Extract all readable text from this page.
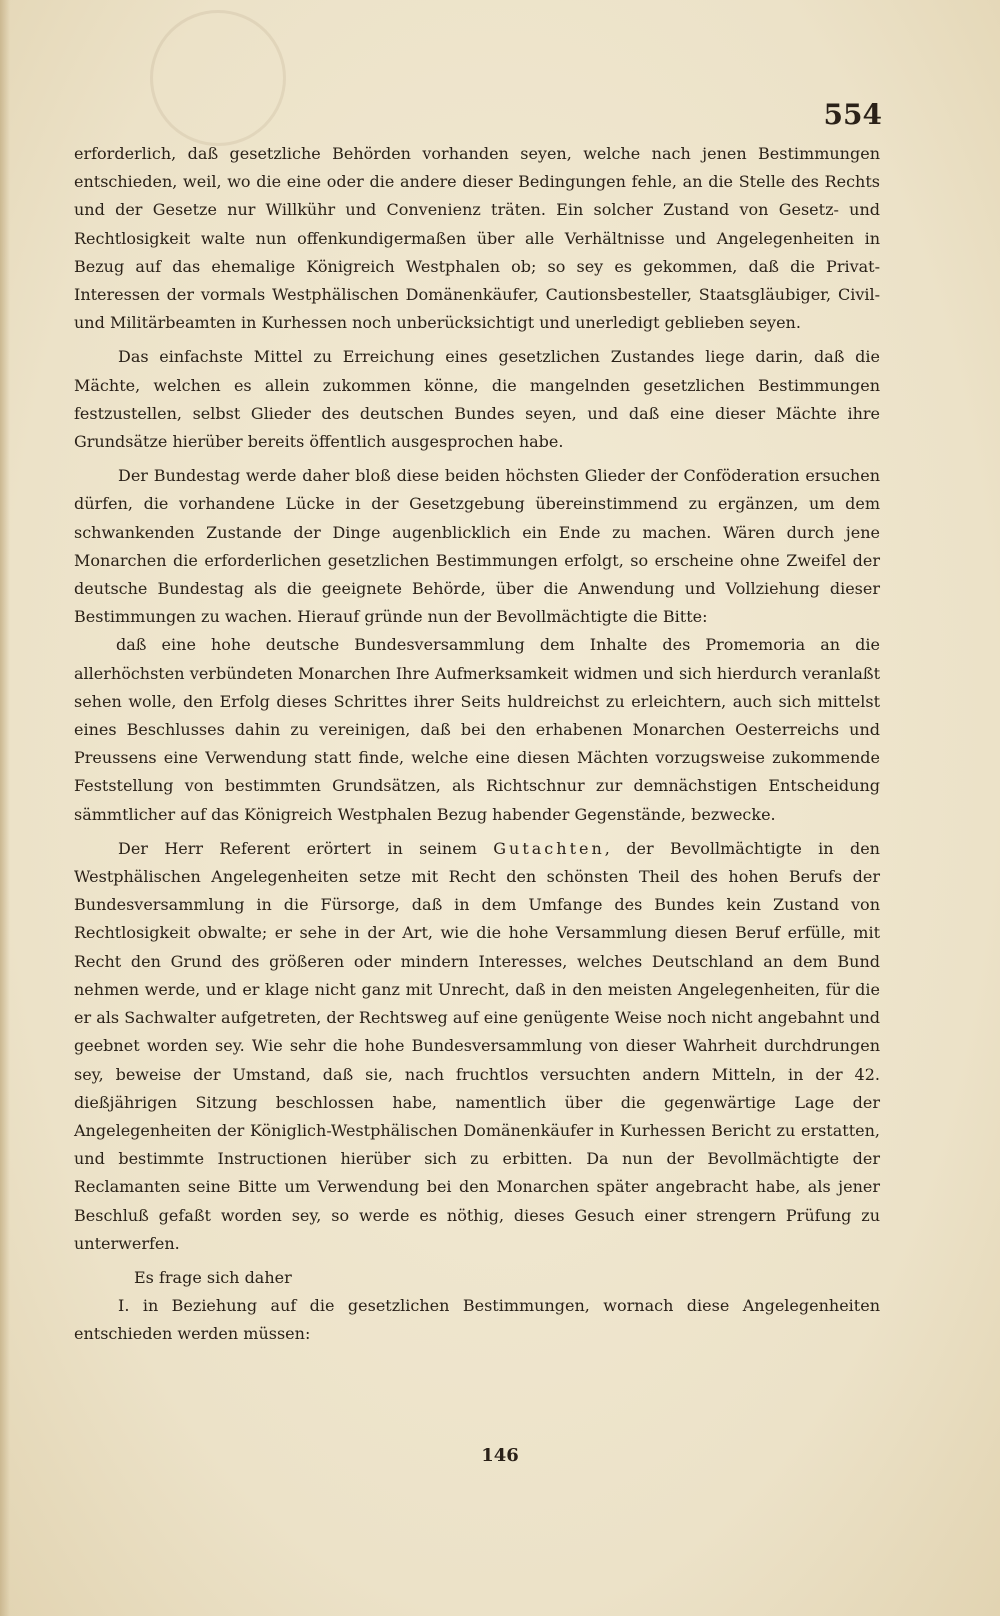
554

erforderlich, daß gesetzliche Behörden vorhanden seyen, welche nach jenen Bestimmungen entschieden, weil, wo die eine oder die andere dieser Bedingungen fehle, an die Stelle des Rechts und der Gesetze nur Willkühr und Convenienz träten. Ein solcher Zustand von Gesetz- und Rechtlosigkeit walte nun offenkundigermaßen über alle Verhältnisse und Angelegenheiten in Bezug auf das ehemalige Königreich Westphalen ob; so sey es gekommen, daß die Privat-Interessen der vormals Westphälischen Domänenkäufer, Cautionsbesteller, Staatsgläubiger, Civil- und Militärbeamten in Kurhessen noch unberücksichtigt und unerledigt geblieben seyen.

Das einfachste Mittel zu Erreichung eines gesetzlichen Zustandes liege darin, daß die Mächte, welchen es allein zukommen könne, die mangelnden gesetzlichen Bestimmungen festzustellen, selbst Glieder des deutschen Bundes seyen, und daß eine dieser Mächte ihre Grundsätze hierüber bereits öffentlich ausgesprochen habe.

Der Bundestag werde daher bloß diese beiden höchsten Glieder der Conföderation ersuchen dürfen, die vorhandene Lücke in der Gesetzgebung übereinstimmend zu ergänzen, um dem schwankenden Zustande der Dinge augenblicklich ein Ende zu machen. Wären durch jene Monarchen die erforderlichen gesetzlichen Bestimmungen erfolgt, so erscheine ohne Zweifel der deutsche Bundestag als die geeignete Behörde, über die Anwendung und Vollziehung dieser Bestimmungen zu wachen. Hierauf gründe nun der Bevollmächtigte die Bitte:

daß eine hohe deutsche Bundesversammlung dem Inhalte des Promemoria an die allerhöchsten verbündeten Monarchen Ihre Aufmerksamkeit widmen und sich hierdurch veranlaßt sehen wolle, den Erfolg dieses Schrittes ihrer Seits huldreichst zu erleichtern, auch sich mittelst eines Beschlusses dahin zu vereinigen, daß bei den erhabenen Monarchen Oesterreichs und Preussens eine Verwendung statt finde, welche eine diesen Mächten vorzugsweise zukommende Feststellung von bestimmten Grundsätzen, als Richtschnur zur demnächstigen Entscheidung sämmtlicher auf das Königreich Westphalen Bezug habender Gegenstände, bezwecke.

Der Herr Referent erörtert in seinem Gutachten, der Bevollmächtigte in den Westphälischen Angelegenheiten setze mit Recht den schönsten Theil des hohen Berufs der Bundesversammlung in die Fürsorge, daß in dem Umfange des Bundes kein Zustand von Rechtlosigkeit obwalte; er sehe in der Art, wie die hohe Versammlung diesen Beruf erfülle, mit Recht den Grund des größeren oder mindern Interesses, welches Deutschland an dem Bund nehmen werde, und er klage nicht ganz mit Unrecht, daß in den meisten Angelegenheiten, für die er als Sachwalter aufgetreten, der Rechtsweg auf eine genügente Weise noch nicht angebahnt und geebnet worden sey. Wie sehr die hohe Bundesversammlung von dieser Wahrheit durchdrungen sey, beweise der Umstand, daß sie, nach fruchtlos versuchten andern Mitteln, in der 42. dießjährigen Sitzung beschlossen habe, namentlich über die gegenwärtige Lage der Angelegenheiten der Königlich-Westphälischen Domänenkäufer in Kurhessen Bericht zu erstatten, und bestimmte Instructionen hierüber sich zu erbitten. Da nun der Bevollmächtigte der Reclamanten seine Bitte um Verwendung bei den Monarchen später angebracht habe, als jener Beschluß gefaßt worden sey, so werde es nöthig, dieses Gesuch einer strengern Prüfung zu unterwerfen.

Es frage sich daher

I. in Beziehung auf die gesetzlichen Bestimmungen, wornach diese Angelegenheiten entschieden werden müssen:

146
